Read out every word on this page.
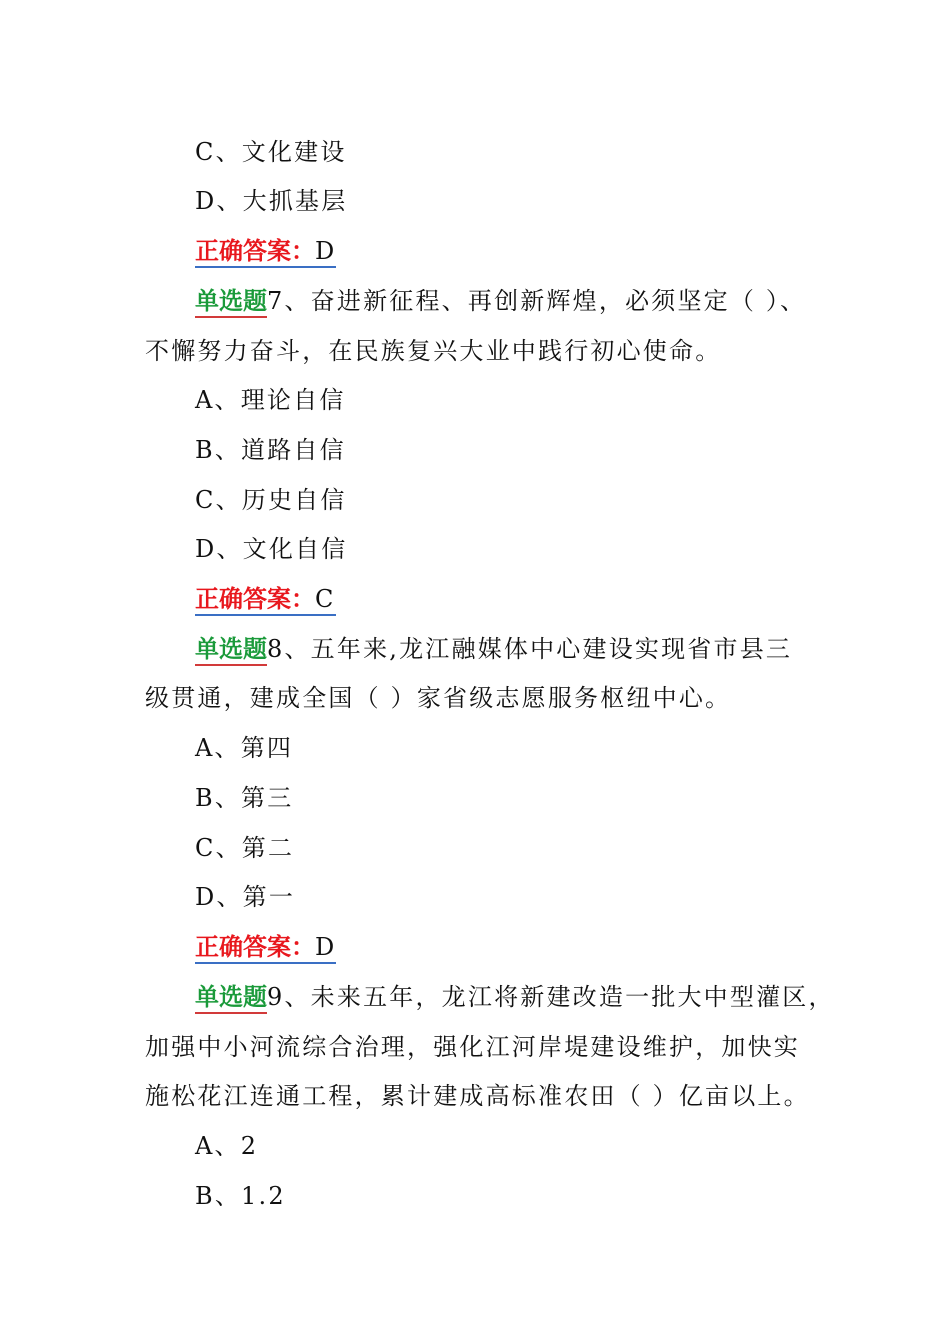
C、文化建设
D、大抓基层
正确答案：D
单选题7、奋进新征程、再创新辉煌，必须坚定（ ）、
不懈努力奋斗，在民族复兴大业中践行初心使命。
A、理论自信
B、道路自信
C、历史自信
D、文化自信
正确答案：C
单选题8、五年来,龙江融媒体中心建设实现省市县三
级贯通，建成全国（ ）家省级志愿服务枢纽中心。
A、第四
B、第三
C、第二
D、第一
正确答案：D
单选题9、未来五年，龙江将新建改造一批大中型灌区，
加强中小河流综合治理，强化江河岸堤建设维护，加快实
施松花江连通工程，累计建成高标准农田（ ）亿亩以上。
A、2
B、1.2
